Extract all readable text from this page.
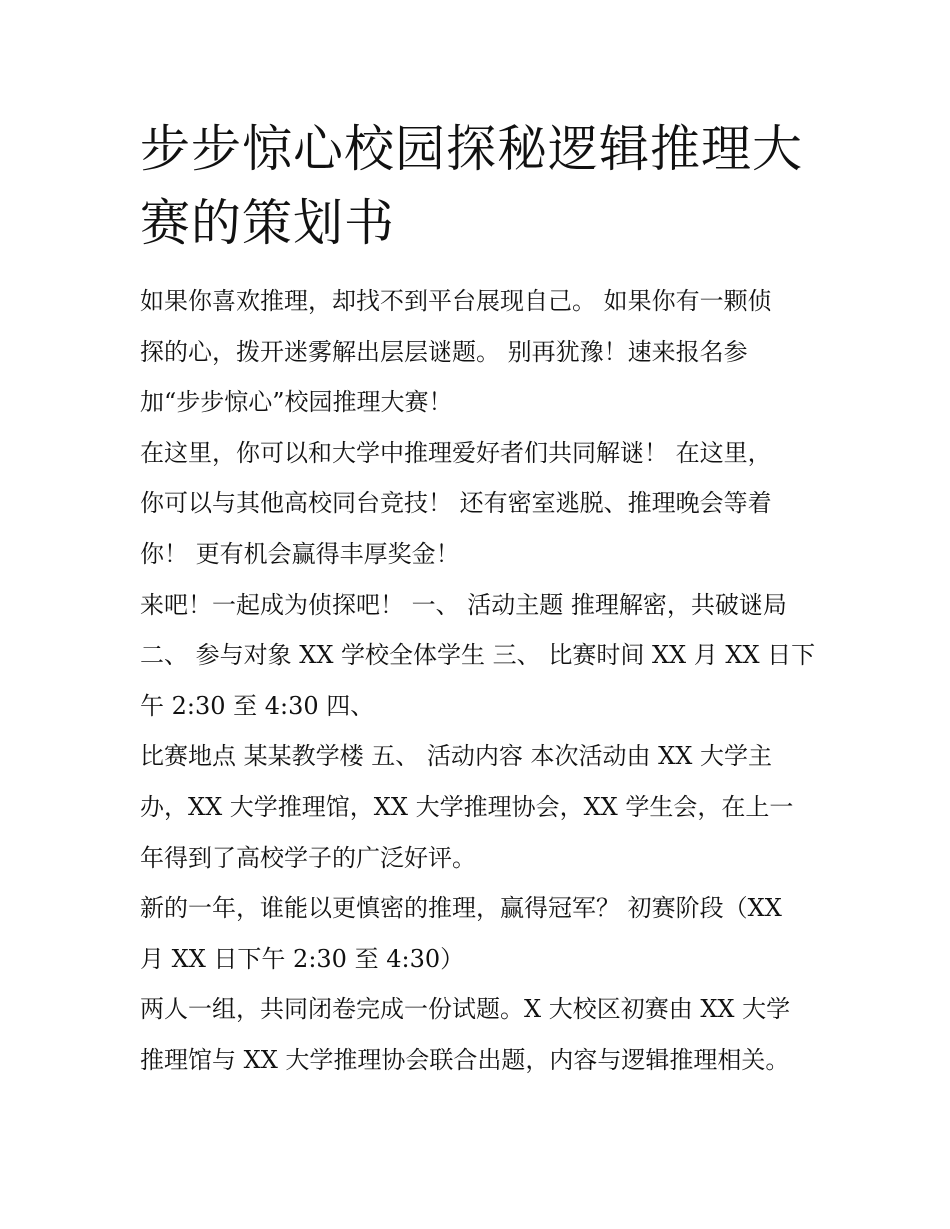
步步惊心校园探秘逻辑推理大
赛的策划书
如果你喜欢推理，却找不到平台展现自己。 如果你有一颗侦
探的心，拨开迷雾解出层层谜题。 别再犹豫！速来报名参
加“步步惊心”校园推理大赛！
在这里，你可以和大学中推理爱好者们共同解谜！ 在这里，
你可以与其他高校同台竞技！ 还有密室逃脱、推理晚会等着
你！ 更有机会赢得丰厚奖金！
来吧！一起成为侦探吧！ 一、 活动主题 推理解密，共破谜局
二、 参与对象 XX 学校全体学生 三、 比赛时间 XX 月 XX 日下
午 2:30 至 4:30 四、
比赛地点 某某教学楼 五、 活动内容 本次活动由 XX 大学主
办，XX 大学推理馆，XX 大学推理协会，XX 学生会，在上一
年得到了高校学子的广泛好评。
新的一年，谁能以更慎密的推理，赢得冠军？ 初赛阶段（XX
月 XX 日下午 2:30 至 4:30）
两人一组，共同闭卷完成一份试题。X 大校区初赛由 XX 大学
推理馆与 XX 大学推理协会联合出题，内容与逻辑推理相关。
